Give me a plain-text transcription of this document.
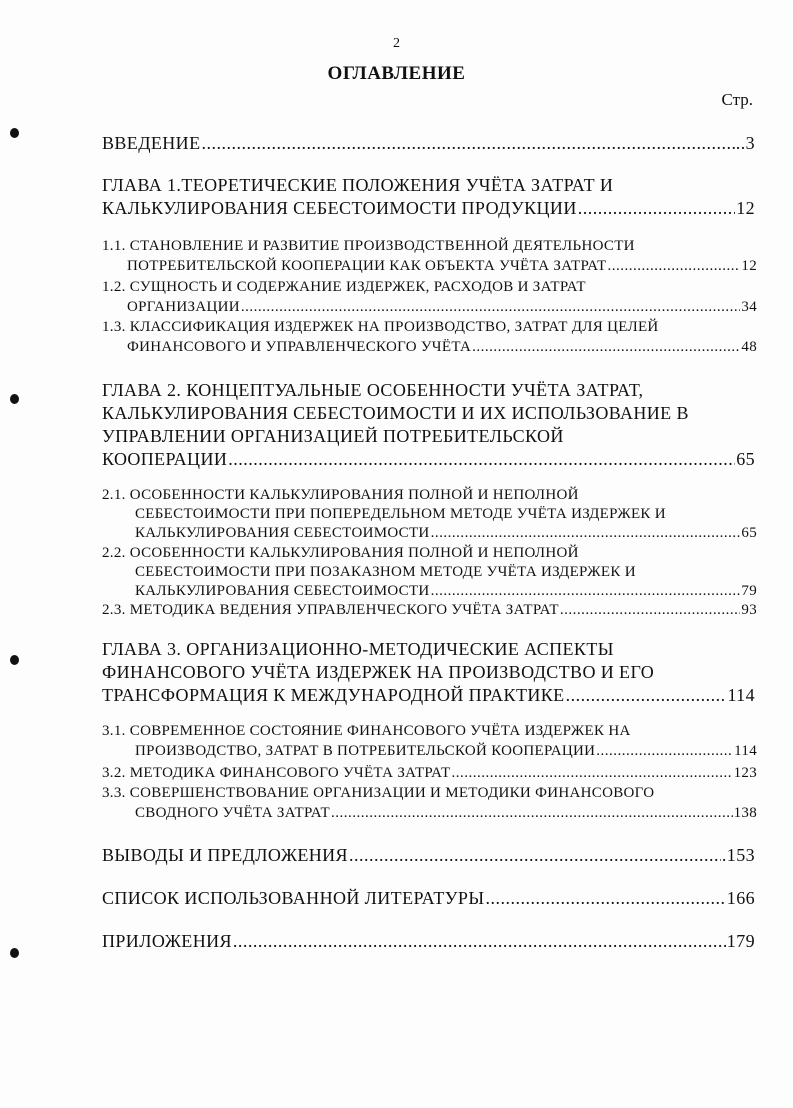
2
ОГЛАВЛЕНИЕ
Стр.
ВВЕДЕНИЕ .....	..3
ГЛАВА 1.ТЕОРЕТИЧЕСКИЕ ПОЛОЖЕНИЯ УЧЁТА ЗАТРАТ И
КАЛЬКУЛИРОВАНИЯ СЕБЕСТОИМОСТИ ПРОДУКЦИИ .....	12
1.1. СТАНОВЛЕНИЕ И РАЗВИТИЕ ПРОИЗВОДСТВЕННОЙ ДЕЯТЕЛЬНОСТИ
ПОТРЕБИТЕЛЬСКОЙ КООПЕРАЦИИ КАК ОБЪЕКТА УЧЁТА ЗАТРАТ .....	12
1.2. СУЩНОСТЬ И СОДЕРЖАНИЕ ИЗДЕРЖЕК, РАСХОДОВ И ЗАТРАТ
ОРГАНИЗАЦИИ .....	34
1.3. КЛАССИФИКАЦИЯ ИЗДЕРЖЕК НА ПРОИЗВОДСТВО, ЗАТРАТ ДЛЯ ЦЕЛЕЙ
ФИНАНСОВОГО И УПРАВЛЕНЧЕСКОГО УЧЁТА .....	48
ГЛАВА 2. КОНЦЕПТУАЛЬНЫЕ ОСОБЕННОСТИ УЧЁТА ЗАТРАТ,
КАЛЬКУЛИРОВАНИЯ СЕБЕСТОИМОСТИ И ИХ ИСПОЛЬЗОВАНИЕ В
УПРАВЛЕНИИ ОРГАНИЗАЦИЕЙ ПОТРЕБИТЕЛЬСКОЙ
КООПЕРАЦИИ .....	65
2.1. ОСОБЕННОСТИ КАЛЬКУЛИРОВАНИЯ ПОЛНОЙ И НЕПОЛНОЙ
СЕБЕСТОИМОСТИ ПРИ ПОПЕРЕДЕЛЬНОМ МЕТОДЕ УЧЁТА ИЗДЕРЖЕК И
КАЛЬКУЛИРОВАНИЯ СЕБЕСТОИМОСТИ .....	65
2.2. ОСОБЕННОСТИ КАЛЬКУЛИРОВАНИЯ ПОЛНОЙ И НЕПОЛНОЙ
СЕБЕСТОИМОСТИ ПРИ ПОЗАКАЗНОМ МЕТОДЕ УЧЁТА ИЗДЕРЖЕК И
КАЛЬКУЛИРОВАНИЯ СЕБЕСТОИМОСТИ .....	79
2.3. МЕТОДИКА ВЕДЕНИЯ УПРАВЛЕНЧЕСКОГО УЧЁТА ЗАТРАТ .....	93
ГЛАВА 3. ОРГАНИЗАЦИОННО-МЕТОДИЧЕСКИЕ АСПЕКТЫ
ФИНАНСОВОГО УЧЁТА ИЗДЕРЖЕК НА ПРОИЗВОДСТВО И ЕГО
ТРАНСФОРМАЦИЯ К МЕЖДУНАРОДНОЙ ПРАКТИКЕ .....	114
3.1. СОВРЕМЕННОЕ СОСТОЯНИЕ ФИНАНСОВОГО УЧЁТА ИЗДЕРЖЕК НА
ПРОИЗВОДСТВО, ЗАТРАТ В ПОТРЕБИТЕЛЬСКОЙ КООПЕРАЦИИ .....	114
3.2. МЕТОДИКА ФИНАНСОВОГО УЧЁТА ЗАТРАТ .....	123
3.3. СОВЕРШЕНСТВОВАНИЕ ОРГАНИЗАЦИИ И МЕТОДИКИ ФИНАНСОВОГО
СВОДНОГО УЧЁТА ЗАТРАТ .....	138
ВЫВОДЫ И ПРЕДЛОЖЕНИЯ .....	.153
СПИСОК ИСПОЛЬЗОВАННОЙ ЛИТЕРАТУРЫ .....	166
ПРИЛОЖЕНИЯ .....	179
